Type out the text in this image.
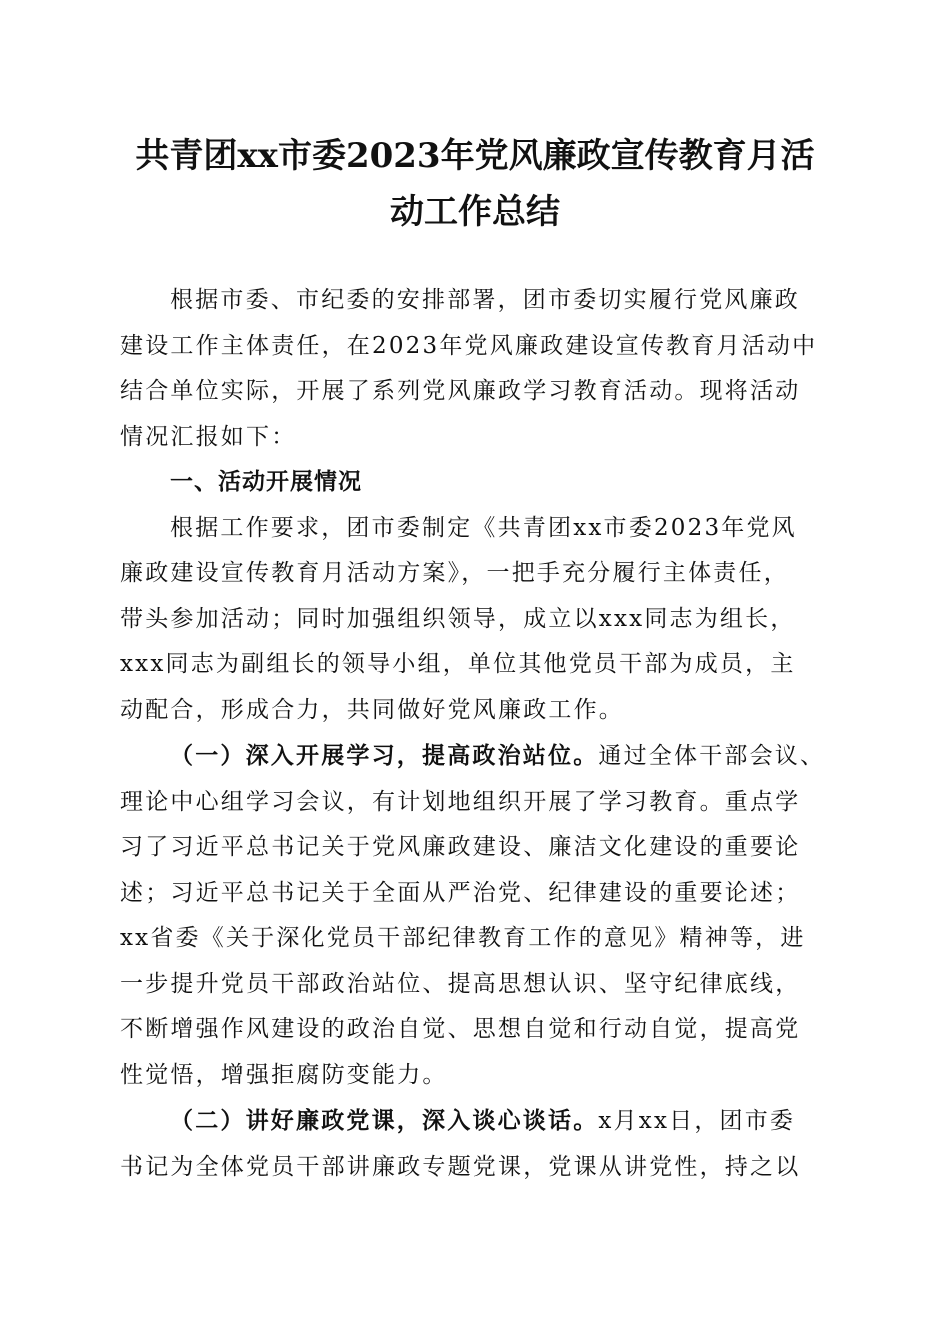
共青团xx市委2023年党风廉政宣传教育月活
动工作总结

根据市委、市纪委的安排部署，团市委切实履行党风廉政
建设工作主体责任，在2023年党风廉政建设宣传教育月活动中
结合单位实际，开展了系列党风廉政学习教育活动。现将活动
情况汇报如下：

一、活动开展情况

根据工作要求，团市委制定《共青团xx市委2023年党风
廉政建设宣传教育月活动方案》，一把手充分履行主体责任，
带头参加活动；同时加强组织领导，成立以xxx同志为组长，
xxx同志为副组长的领导小组，单位其他党员干部为成员，主
动配合，形成合力，共同做好党风廉政工作。

（一）深入开展学习，提高政治站位。通过全体干部会议、
理论中心组学习会议，有计划地组织开展了学习教育。重点学
习了习近平总书记关于党风廉政建设、廉洁文化建设的重要论
述；习近平总书记关于全面从严治党、纪律建设的重要论述；
xx省委《关于深化党员干部纪律教育工作的意见》精神等，进
一步提升党员干部政治站位、提高思想认识、坚守纪律底线，
不断增强作风建设的政治自觉、思想自觉和行动自觉，提高党
性觉悟，增强拒腐防变能力。

（二）讲好廉政党课，深入谈心谈话。x月xx日，团市委
书记为全体党员干部讲廉政专题党课，党课从讲党性，持之以
